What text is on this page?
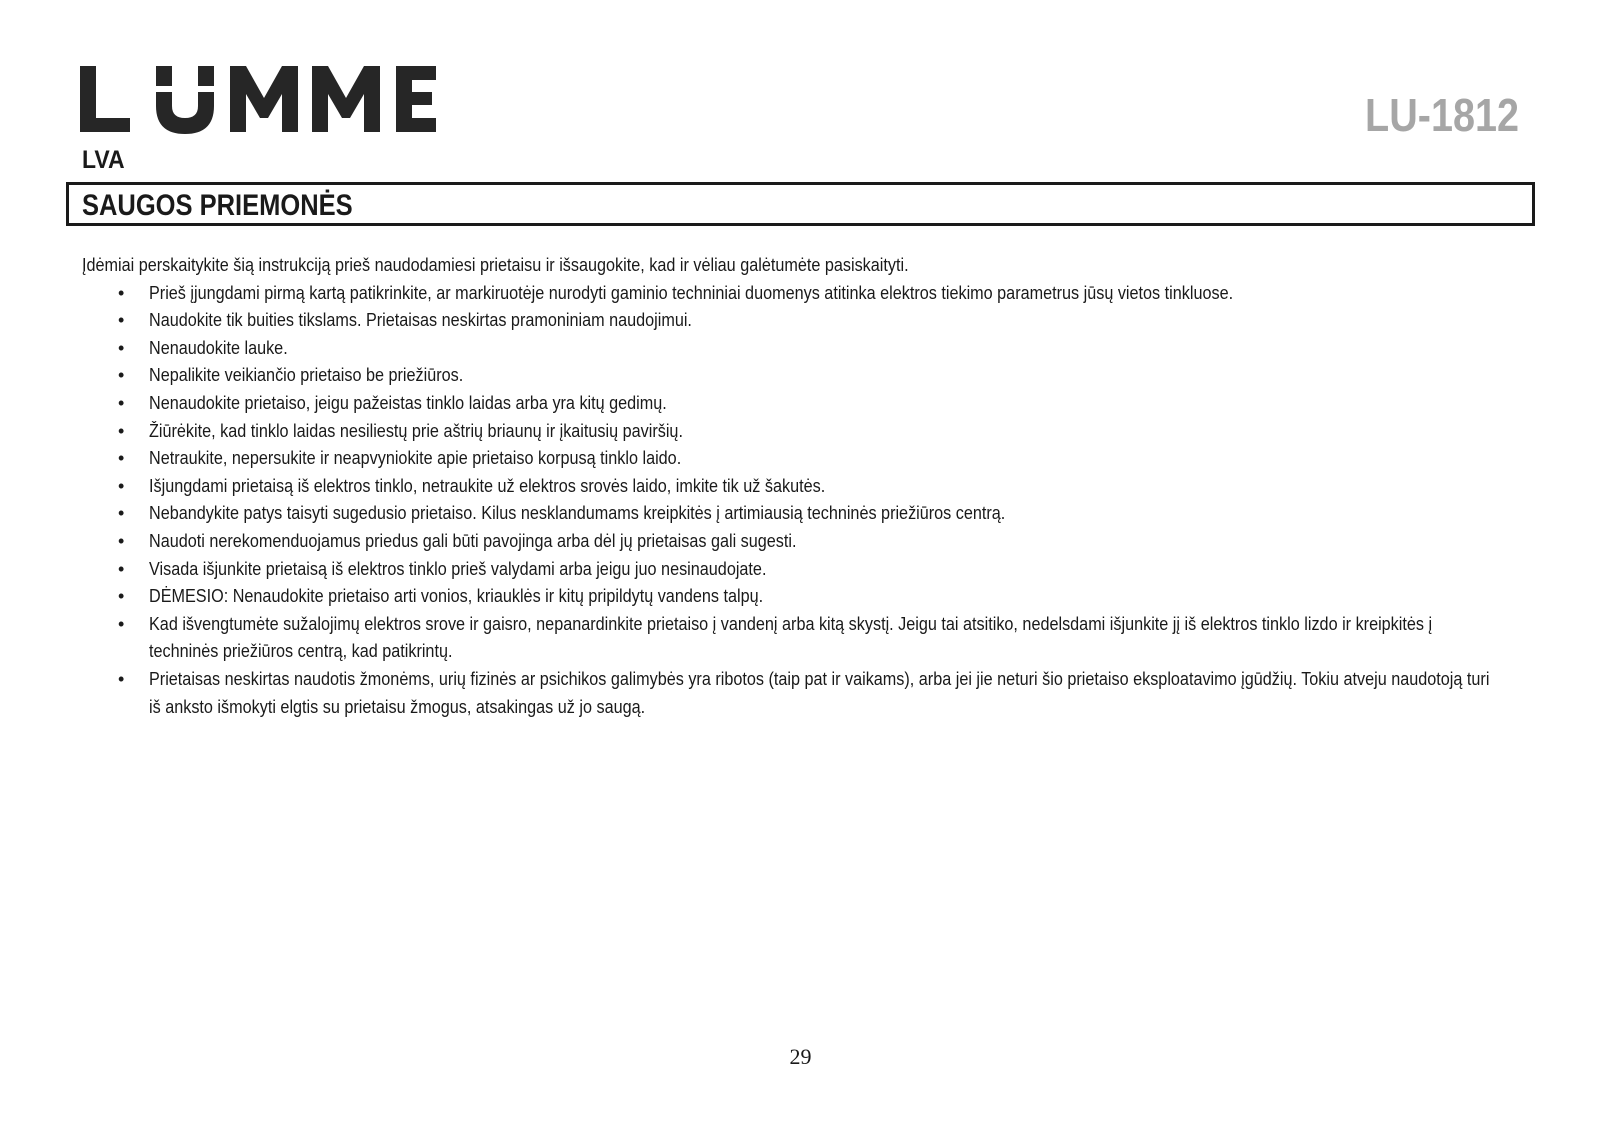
LU-1812
LVA
SAUGOS PRIEMONĖS

Įdėmiai perskaitykite šią instrukciją prieš naudodamiesi prietaisu ir išsaugokite, kad ir vėliau galėtumėte pasiskaityti.

• Prieš įjungdami pirmą kartą patikrinkite, ar markiruotėje nurodyti gaminio techniniai duomenys atitinka elektros tiekimo parametrus jūsų vietos tinkluose.
• Naudokite tik buities tikslams. Prietaisas neskirtas pramoniniam naudojimui.
• Nenaudokite lauke.
• Nepalikite veikiančio prietaiso be priežiūros.
• Nenaudokite prietaiso, jeigu pažeistas tinklo laidas arba yra kitų gedimų.
• Žiūrėkite, kad tinklo laidas nesiliestų prie aštrių briaunų ir įkaitusių paviršių.
• Netraukite, nepersukite ir neapvyniokite apie prietaiso korpusą tinklo laido.
• Išjungdami prietaisą iš elektros tinklo, netraukite už elektros srovės laido, imkite tik už šakutės.
• Nebandykite patys taisyti sugedusio prietaiso. Kilus nesklandumams kreipkitės į artimiausią techninės priežiūros centrą.
• Naudoti nerekomenduojamus priedus gali būti pavojinga arba dėl jų prietaisas gali sugesti.
• Visada išjunkite prietaisą iš elektros tinklo prieš valydami arba jeigu juo nesinaudojate.
• DĖMESIO: Nenaudokite prietaiso arti vonios, kriauklės ir kitų pripildytų vandens talpų.
• Kad išvengtumėte sužalojimų elektros srove ir gaisro, nepanardinkite prietaiso į vandenį arba kitą skystį. Jeigu tai atsitiko, nedelsdami išjunkite jį iš elektros tinklo lizdo ir kreipkitės į techninės priežiūros centrą, kad patikrintų.
• Prietaisas neskirtas naudotis žmonėms, urių fizinės ar psichikos galimybės yra ribotos (taip pat ir vaikams), arba jei jie neturi šio prietaiso eksploatavimo įgūdžių. Tokiu atveju naudotoją turi iš anksto išmokyti elgtis su prietaisu žmogus, atsakingas už jo saugą.
29
